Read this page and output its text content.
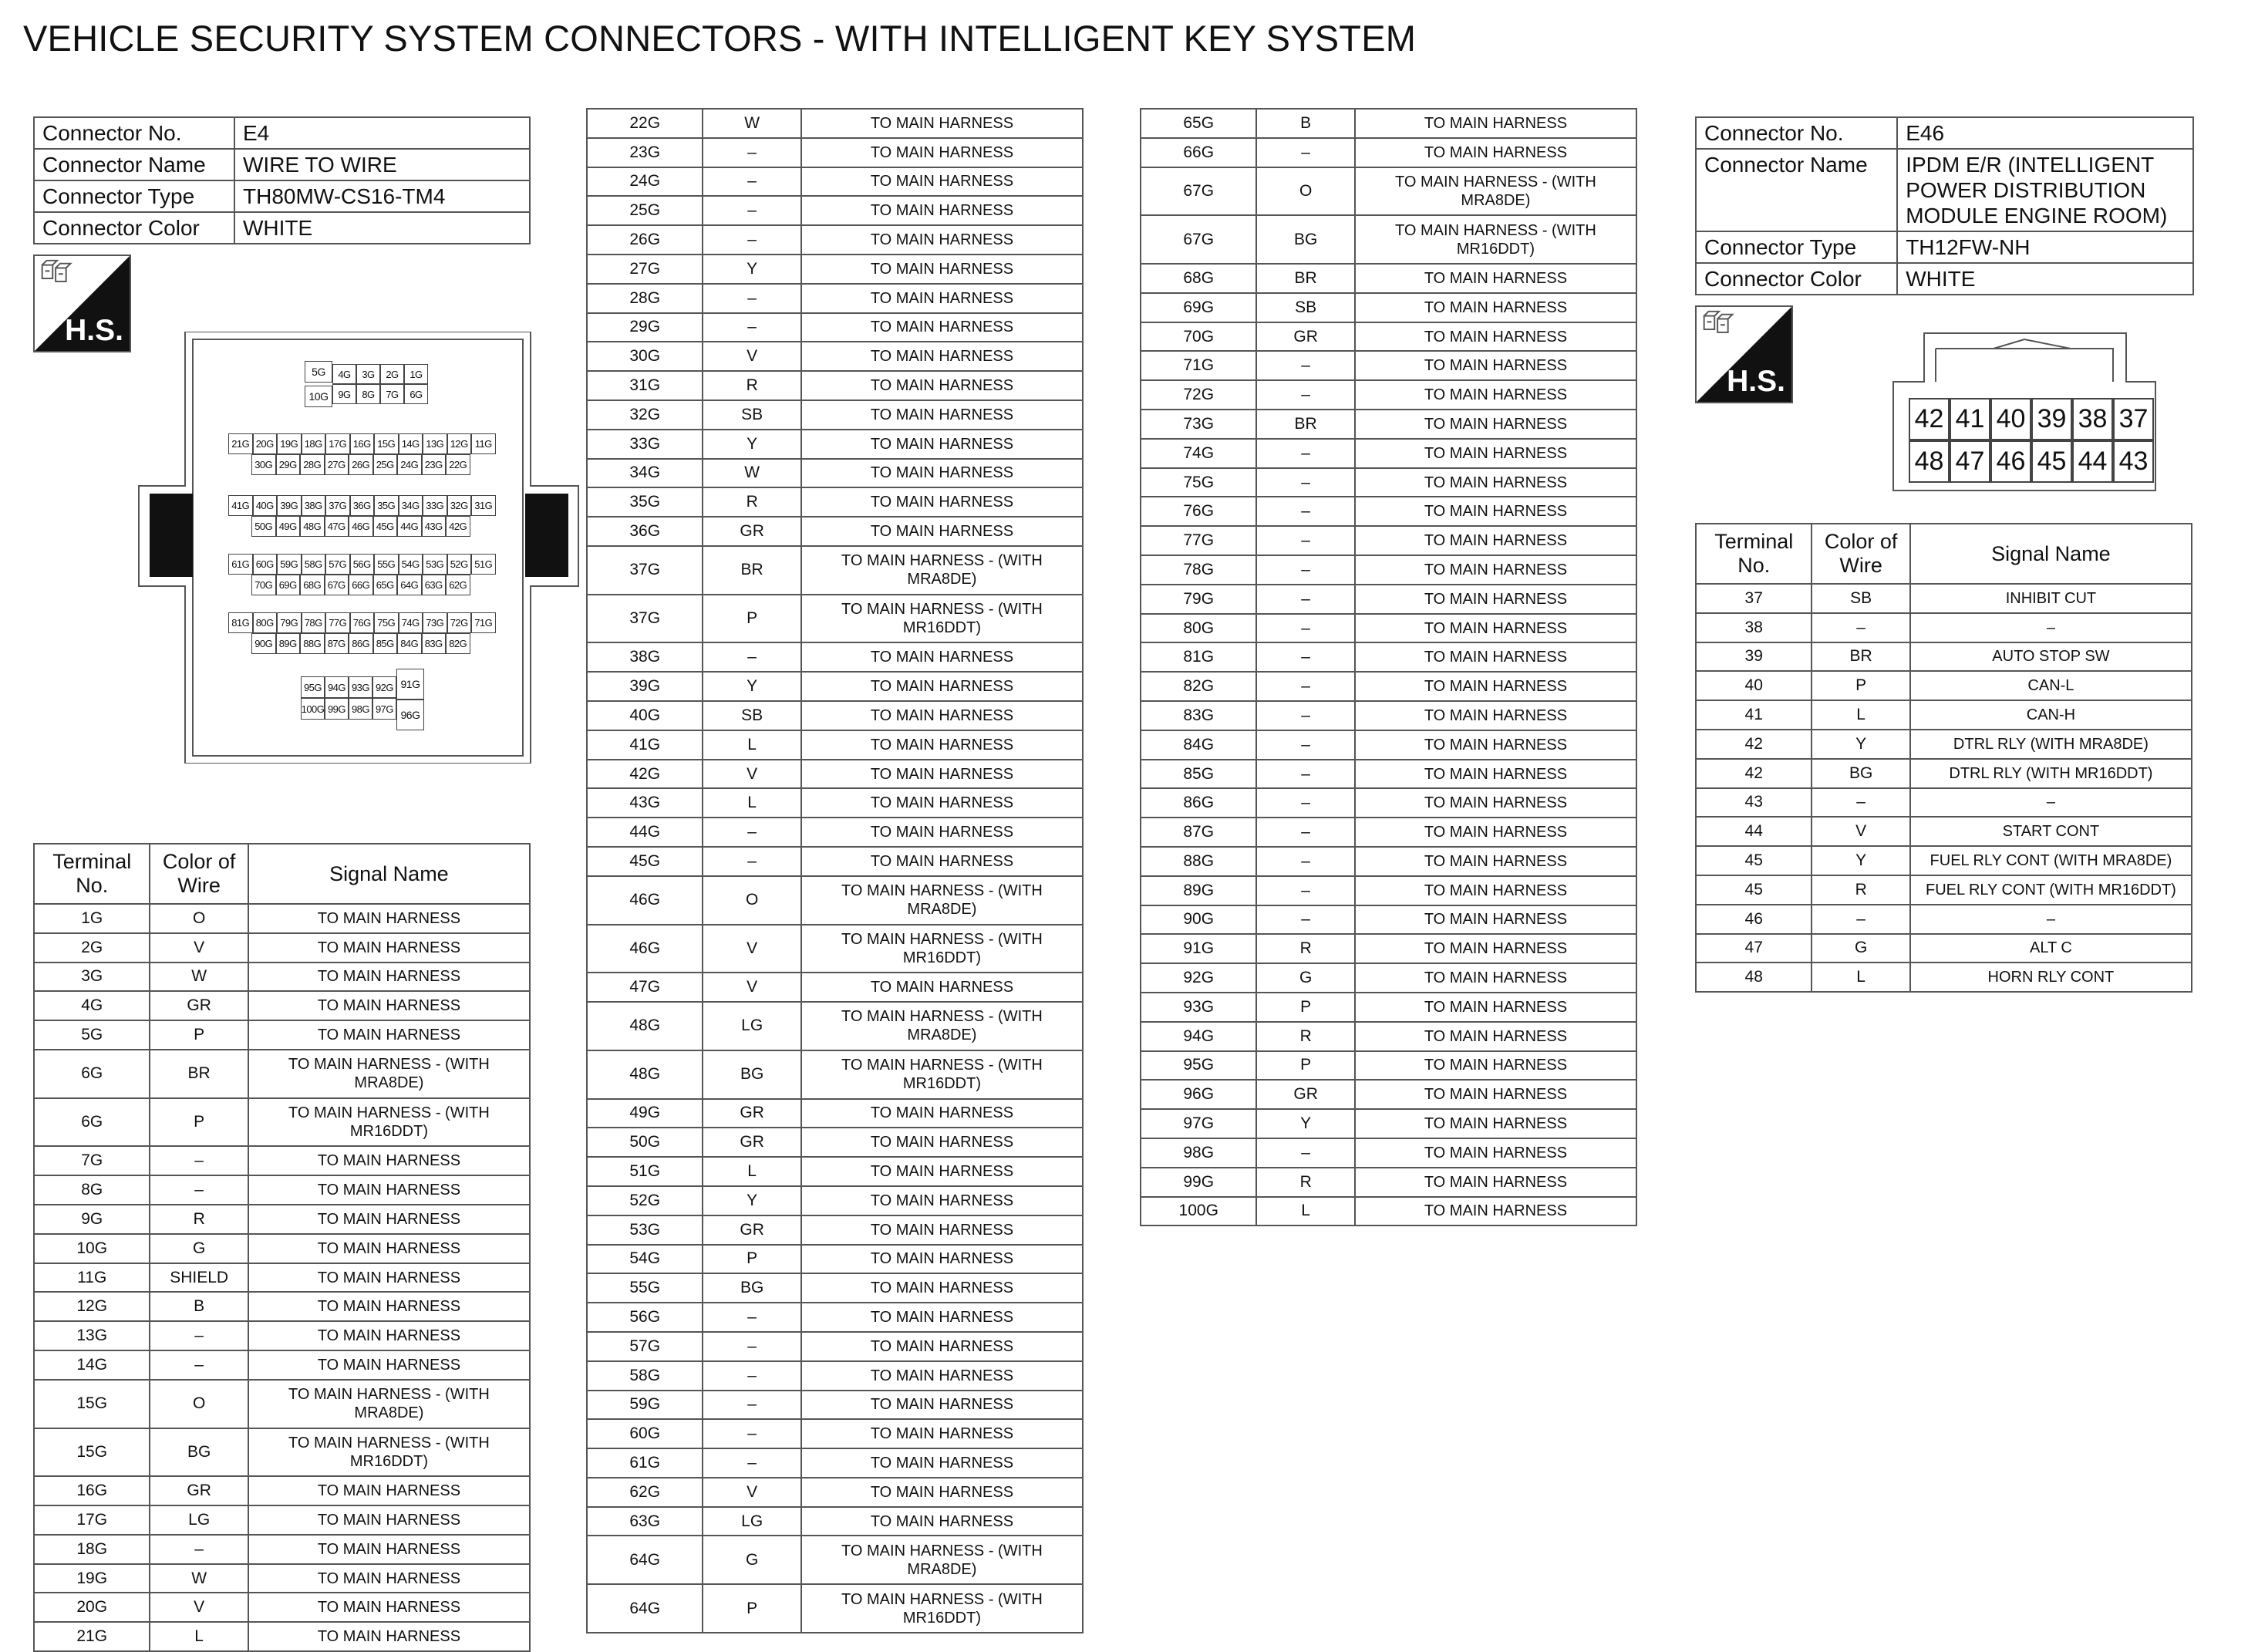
VEHICLE SECURITY SYSTEM CONNECTORS - WITH INTELLIGENT KEY SYSTEM
Connector No.	E4
Connector Name	WIRE TO WIRE
Connector Type	TH80MW-CS16-TM4
Connector Color	WHITE
H.S.
5G	4G	3G	2G	1G
10G 9G	8G	7G	6G
21G 20G 19G 18G 17G 16G 15G 14G 13G 12G 11G
30G 29G 28G 27G 26G 25G 24G 23G 22G
41G 40G 39G 38G 37G 36G 35G 34G 33G 32G 31G
50G 49G 48G 47G 46G 45G 44G 43G 42G
61G 60G 59G 58G 57G 56G 55G 54G 53G 52G 51G
70G 69G 68G 67G 66G 65G 64G 63G 62G
81G 80G 79G 78G 77G 76G 75G 74G 73G 72G 71G
90G 89G 88G 87G 86G 85G 84G 83G 82G
95G 94G 93G 92G
100G 99G 98G 97G
91G
96G
Terminal No.	Color of Wire	Signal Name
1G	O	TO MAIN HARNESS
2G	V	TO MAIN HARNESS
3G	W	TO MAIN HARNESS
4G	GR	TO MAIN HARNESS
5G	P	TO MAIN HARNESS
6G	BR	TO MAIN HARNESS - (WITH MRA8DE)
6G	P	TO MAIN HARNESS - (WITH MR16DDT)
7G	–	TO MAIN HARNESS
8G	–	TO MAIN HARNESS
9G	R	TO MAIN HARNESS
10G	G	TO MAIN HARNESS
11G	SHIELD	TO MAIN HARNESS
12G	B	TO MAIN HARNESS
13G	–	TO MAIN HARNESS
14G	–	TO MAIN HARNESS
15G	O	TO MAIN HARNESS - (WITH MRA8DE)
15G	BG	TO MAIN HARNESS - (WITH MR16DDT)
16G	GR	TO MAIN HARNESS
17G	LG	TO MAIN HARNESS
18G	–	TO MAIN HARNESS
19G	W	TO MAIN HARNESS
20G	V	TO MAIN HARNESS
21G	L	TO MAIN HARNESS
22G	W	TO MAIN HARNESS
23G	–	TO MAIN HARNESS
24G	–	TO MAIN HARNESS
25G	–	TO MAIN HARNESS
26G	–	TO MAIN HARNESS
27G	Y	TO MAIN HARNESS
28G	–	TO MAIN HARNESS
29G	–	TO MAIN HARNESS
30G	V	TO MAIN HARNESS
31G	R	TO MAIN HARNESS
32G	SB	TO MAIN HARNESS
33G	Y	TO MAIN HARNESS
34G	W	TO MAIN HARNESS
35G	R	TO MAIN HARNESS
36G	GR	TO MAIN HARNESS
37G	BR	TO MAIN HARNESS - (WITH MRA8DE)
37G	P	TO MAIN HARNESS - (WITH MR16DDT)
38G	–	TO MAIN HARNESS
39G	Y	TO MAIN HARNESS
40G	SB	TO MAIN HARNESS
41G	L	TO MAIN HARNESS
42G	V	TO MAIN HARNESS
43G	L	TO MAIN HARNESS
44G	–	TO MAIN HARNESS
45G	–	TO MAIN HARNESS
46G	O	TO MAIN HARNESS - (WITH MRA8DE)
46G	V	TO MAIN HARNESS - (WITH MR16DDT)
47G	V	TO MAIN HARNESS
48G	LG	TO MAIN HARNESS - (WITH MRA8DE)
48G	BG	TO MAIN HARNESS - (WITH MR16DDT)
49G	GR	TO MAIN HARNESS
50G	GR	TO MAIN HARNESS
51G	L	TO MAIN HARNESS
52G	Y	TO MAIN HARNESS
53G	GR	TO MAIN HARNESS
54G	P	TO MAIN HARNESS
55G	BG	TO MAIN HARNESS
56G	–	TO MAIN HARNESS
57G	–	TO MAIN HARNESS
58G	–	TO MAIN HARNESS
59G	–	TO MAIN HARNESS
60G	–	TO MAIN HARNESS
61G	–	TO MAIN HARNESS
62G	V	TO MAIN HARNESS
63G	LG	TO MAIN HARNESS
64G	G	TO MAIN HARNESS - (WITH MRA8DE)
64G	P	TO MAIN HARNESS - (WITH MR16DDT)
65G	B	TO MAIN HARNESS
66G	–	TO MAIN HARNESS
67G	O	TO MAIN HARNESS - (WITH MRA8DE)
67G	BG	TO MAIN HARNESS - (WITH MR16DDT)
68G	BR	TO MAIN HARNESS
69G	SB	TO MAIN HARNESS
70G	GR	TO MAIN HARNESS
71G	–	TO MAIN HARNESS
72G	–	TO MAIN HARNESS
73G	BR	TO MAIN HARNESS
74G	–	TO MAIN HARNESS
75G	–	TO MAIN HARNESS
76G	–	TO MAIN HARNESS
77G	–	TO MAIN HARNESS
78G	–	TO MAIN HARNESS
79G	–	TO MAIN HARNESS
80G	–	TO MAIN HARNESS
81G	–	TO MAIN HARNESS
82G	–	TO MAIN HARNESS
83G	–	TO MAIN HARNESS
84G	–	TO MAIN HARNESS
85G	–	TO MAIN HARNESS
86G	–	TO MAIN HARNESS
87G	–	TO MAIN HARNESS
88G	–	TO MAIN HARNESS
89G	–	TO MAIN HARNESS
90G	–	TO MAIN HARNESS
91G	R	TO MAIN HARNESS
92G	G	TO MAIN HARNESS
93G	P	TO MAIN HARNESS
94G	R	TO MAIN HARNESS
95G	P	TO MAIN HARNESS
96G	GR	TO MAIN HARNESS
97G	Y	TO MAIN HARNESS
98G	–	TO MAIN HARNESS
99G	R	TO MAIN HARNESS
100G	L	TO MAIN HARNESS
Connector No.	E46
Connector Name	IPDM E/R (INTELLIGENT POWER DISTRIBUTION MODULE ENGINE ROOM)
Connector Type	TH12FW-NH
Connector Color	WHITE
H.S.
42 41 40 39 38 37
48 47 46 45 44 43
Terminal No.	Color of Wire	Signal Name
37	SB	INHIBIT CUT
38	–	–
39	BR	AUTO STOP SW
40	P	CAN-L
41	L	CAN-H
42	Y	DTRL RLY (WITH MRA8DE)
42	BG	DTRL RLY (WITH MR16DDT)
43	–	–
44	V	START CONT
45	Y	FUEL RLY CONT (WITH MRA8DE)
45	R	FUEL RLY CONT (WITH MR16DDT)
46	–	–
47	G	ALT C
48	L	HORN RLY CONT
